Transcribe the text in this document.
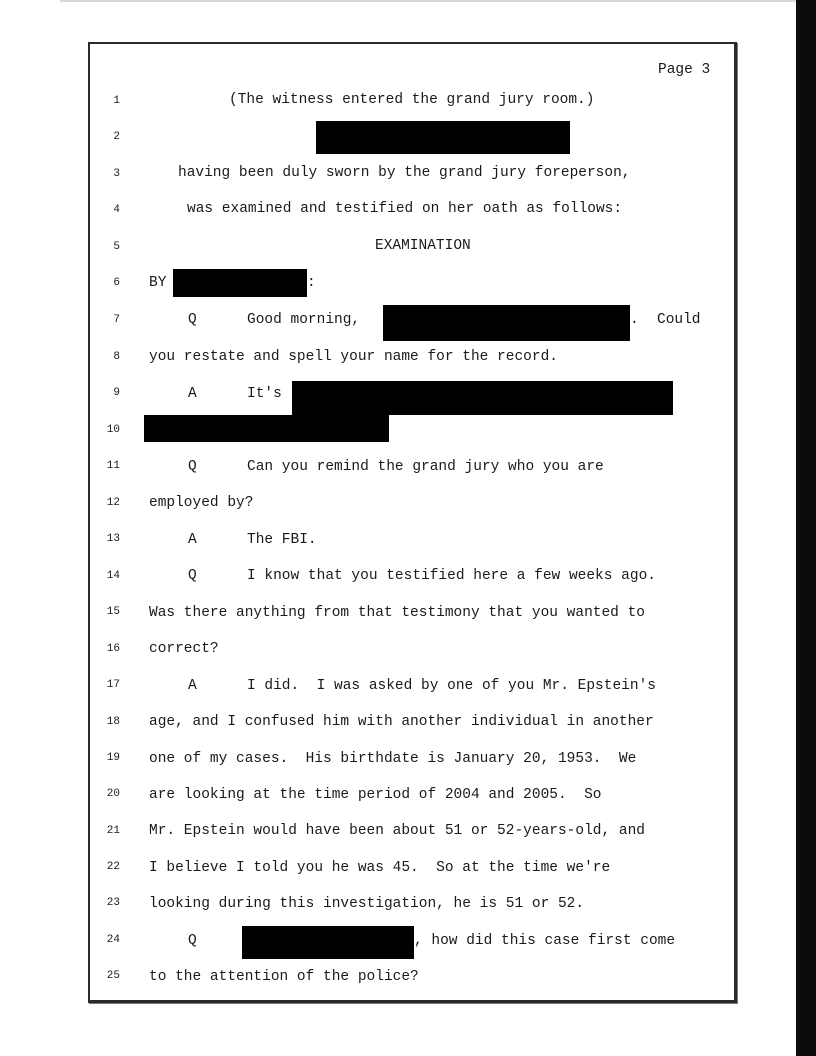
Page 3
1	(The witness entered the grand jury room.)
2
3	having been duly sworn by the grand jury foreperson,
4	was examined and testified on her oath as follows:
5	EXAMINATION
6 BY	:
7	Q	Good morning,	. Could
8 you restate and spell your name for the record.
9	A	It's
10
11	Q	Can you remind the grand jury who you are
12 employed by?
13	A	The FBI.
14	Q	I know that you testified here a few weeks ago.
15 Was there anything from that testimony that you wanted to
16 correct?
17	A	I did.  I was asked by one of you Mr. Epstein's
18 age, and I confused him with another individual in another
19 one of my cases.  His birthdate is January 20, 1953.  We
20 are looking at the time period of 2004 and 2005.  So
21 Mr. Epstein would have been about 51 or 52-years-old, and
22 I believe I told you he was 45.  So at the time we're
23 looking during this investigation, he is 51 or 52.
24	Q	, how did this case first come
25 to the attention of the police?
